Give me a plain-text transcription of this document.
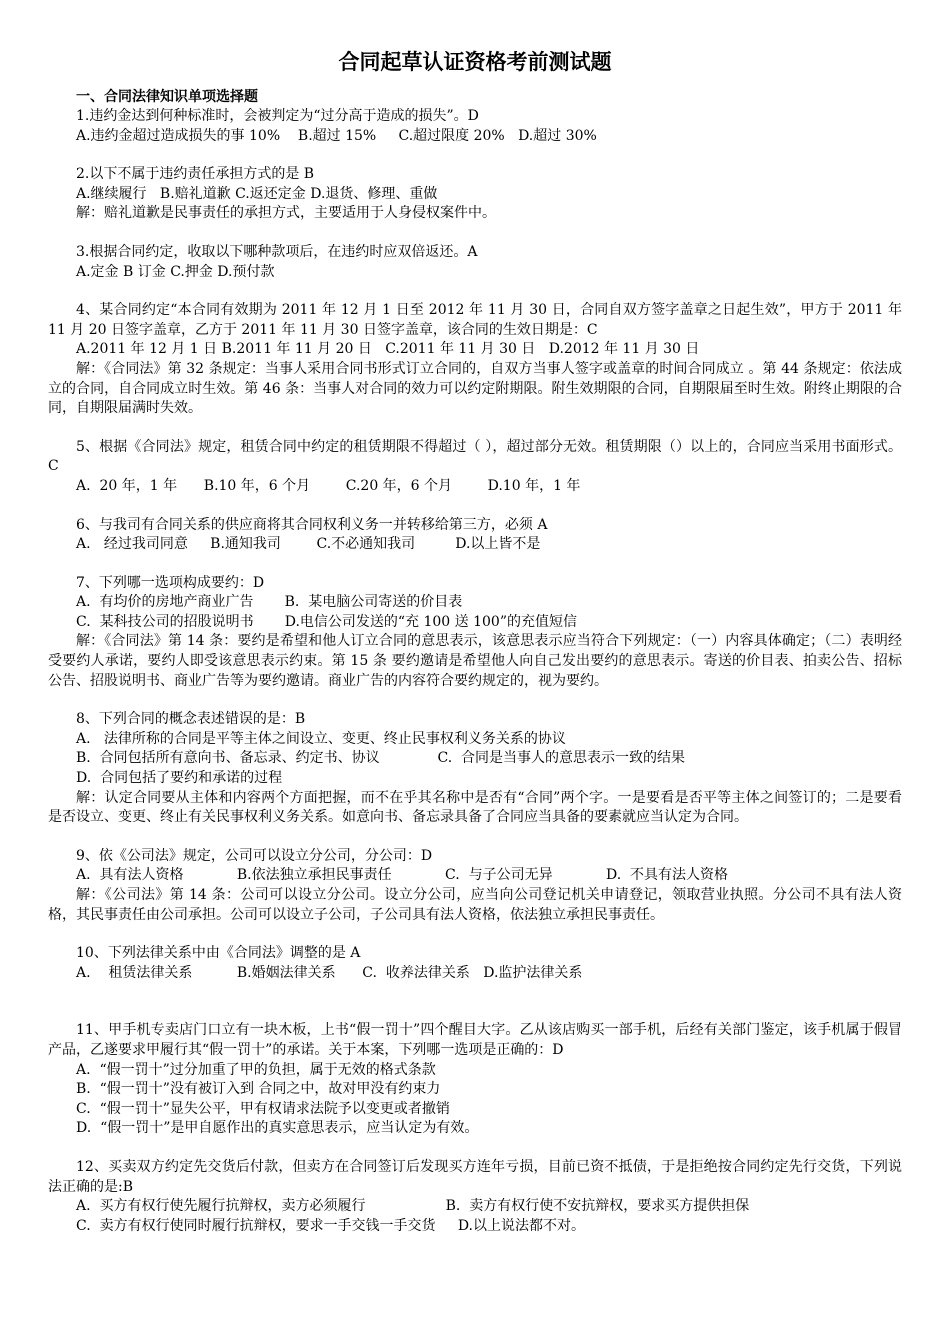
合同起草认证资格考前测试题
一、合同法律知识单项选择题
1.违约金达到何种标准时，会被判定为“过分高于造成的损失”。D
A.违约金超过造成损失的事 10%    B.超过 15%     C.超过限度 20%   D.超过 30%
2.以下不属于违约责任承担方式的是 B
A.继续履行   B.赔礼道歉 C.返还定金 D.退货、修理、重做
解：赔礼道歉是民事责任的承担方式，主要适用于人身侵权案件中。
3.根据合同约定，收取以下哪种款项后，在违约时应双倍返还。A
A.定金 B 订金 C.押金 D.预付款
4、某合同约定“本合同有效期为 2011 年 12 月 1 日至 2012 年 11 月 30 日，合同自双方签字盖章之日起生效”，甲方于 2011 年 11 月 20 日签字盖章，乙方于 2011 年 11 月 30 日签字盖章，该合同的生效日期是：C
A.2011 年 12 月 1 日 B.2011 年 11 月 20 日   C.2011 年 11 月 30 日   D.2012 年 11 月 30 日
解：《合同法》第 32 条规定：当事人采用合同书形式订立合同的，自双方当事人签字或盖章的时间合同成立 。第 44 条规定：依法成立的合同，自合同成立时生效。第 46 条：当事人对合同的效力可以约定附期限。附生效期限的合同，自期限届至时生效。附终止期限的合同，自期限届满时失效。
5、根据《合同法》规定，租赁合同中约定的租赁期限不得超过（ ），超过部分无效。租赁期限（）以上的，合同应当采用书面形式。C
A.  20 年，1 年      B.10 年，6 个月        C.20 年，6 个月        D.10 年，1 年
6、与我司有合同关系的供应商将其合同权利义务一并转移给第三方，必须 A
A.   经过我司同意     B.通知我司        C.不必通知我司         D.以上皆不是
7、下列哪一选项构成要约：D
A.  有均价的房地产商业广告       B.  某电脑公司寄送的价目表
C.  某科技公司的招股说明书       D.电信公司发送的“充 100 送 100”的充值短信
解：《合同法》第 14 条：要约是希望和他人订立合同的意思表示，该意思表示应当符合下列规定：（一）内容具体确定；（二）表明经受要约人承诺，要约人即受该意思表示约束。第 15 条 要约邀请是希望他人向自己发出要约的意思表示。寄送的价目表、拍卖公告、招标公告、招股说明书、商业广告等为要约邀请。商业广告的内容符合要约规定的，视为要约。
8、下列合同的概念表述错误的是：B
A.   法律所称的合同是平等主体之间设立、变更、终止民事权利义务关系的协议
B.  合同包括所有意向书、备忘录、约定书、协议             C.  合同是当事人的意思表示一致的结果
D.  合同包括了要约和承诺的过程
解：认定合同要从主体和内容两个方面把握，而不在乎其名称中是否有“合同”两个字。一是要看是否平等主体之间签订的；二是要看是否设立、变更、终止有关民事权利义务关系。如意向书、备忘录具备了合同应当具备的要素就应当认定为合同。
9、依《公司法》规定，公司可以设立分公司，分公司：D
A.  具有法人资格            B.依法独立承担民事责任            C.  与子公司无异            D.  不具有法人资格
解：《公司法》第 14 条：公司可以设立分公司。设立分公司，应当向公司登记机关申请登记，领取营业执照。分公司不具有法人资格，其民事责任由公司承担。公司可以设立子公司，子公司具有法人资格，依法独立承担民事责任。
10、下列法律关系中由《合同法》调整的是 A
A.    租赁法律关系          B.婚姻法律关系      C.  收养法律关系   D.监护法律关系
11、甲手机专卖店门口立有一块木板，上书“假一罚十”四个醒目大字。乙从该店购买一部手机，后经有关部门鉴定，该手机属于假冒产品，乙遂要求甲履行其“假一罚十”的承诺。关于本案，下列哪一选项是正确的：D
A.  “假一罚十”过分加重了甲的负担，属于无效的格式条款
B.  “假一罚十”没有被订入到 合同之中，故对甲没有约束力
C.  “假一罚十”显失公平，甲有权请求法院予以变更或者撤销
D.  “假一罚十”是甲自愿作出的真实意思表示，应当认定为有效。
12、买卖双方约定先交货后付款，但卖方在合同签订后发现买方连年亏损，目前已资不抵债，于是拒绝按合同约定先行交货，下列说法正确的是:B
A.  买方有权行使先履行抗辩权，卖方必须履行                  B.  卖方有权行使不安抗辩权，要求买方提供担保
C.  卖方有权行使同时履行抗辩权，要求一手交钱一手交货     D.以上说法都不对。
